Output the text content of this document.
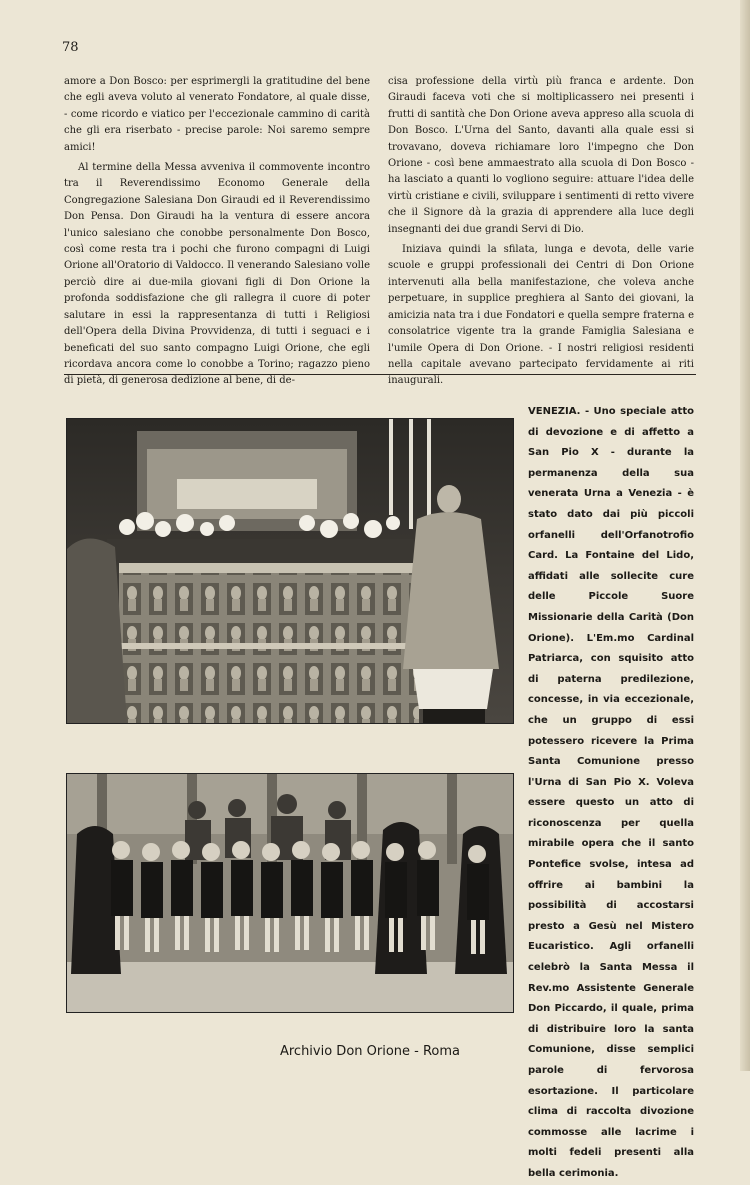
78

amore a Don Bosco: per esprimergli la gratitudine del bene che egli aveva voluto al venerato Fondatore, al quale disse, - come ricordo e viatico per l'eccezionale cammino di carità che gli era riserbato - precise parole: Noi saremo sempre amici!

Al termine della Messa avveniva il commovente incontro tra il Reverendissimo Economo Generale della Congregazione Salesiana Don Giraudi ed il Reverendissimo Don Pensa. Don Giraudi ha la ventura di essere ancora l'unico salesiano che conobbe personalmente Don Bosco, così come resta tra i pochi che furono compagni di Luigi Orione all'Oratorio di Valdocco. Il venerando Salesiano volle perciò dire ai due-mila giovani figli di Don Orione la profonda soddisfazione che gli rallegra il cuore di poter salutare in essi la rappresentanza di tutti i Religiosi dell'Opera della Divina Provvidenza, di tutti i seguaci e i beneficati del suo santo compagno Luigi Orione, che egli ricordava ancora come lo conobbe a Torino; ragazzo pieno di pietà, di generosa dedizione al bene, di de-

cisa professione della virtù più franca e ardente. Don Giraudi faceva voti che si moltiplicassero nei presenti i frutti di santità che Don Orione aveva appreso alla scuola di Don Bosco. L'Urna del Santo, davanti alla quale essi si trovavano, doveva richiamare loro l'impegno che Don Orione - così bene ammaestrato alla scuola di Don Bosco - ha lasciato a quanti lo vogliono seguire: attuare l'idea delle virtù cristiane e civili, sviluppare i sentimenti di retto vivere che il Signore dà la grazia di apprendere alla luce degli insegnanti dei due grandi Servi di Dio.

Iniziava quindi la sfilata, lunga e devota, delle varie scuole e gruppi professionali dei Centri di Don Orione intervenuti alla bella manifestazione, che voleva anche perpetuare, in supplice preghiera al Santo dei giovani, la amicizia nata tra i due Fondatori e quella sempre fraterna e consolatrice vigente tra la grande Famiglia Salesiana e l'umile Opera di Don Orione. - I nostri religiosi residenti nella capitale avevano partecipato fervidamente ai riti inaugurali.

VENEZIA. - Uno speciale atto di devozione e di affetto a San Pio X - durante la permanenza della sua venerata Urna a Venezia - è stato dato dai più piccoli orfanelli dell'Orfanotrofio Card. La Fontaine del Lido, affidati alle sollecite cure delle Piccole Suore Missionarie della Carità (Don Orione). L'Em.mo Cardinal Patriarca, con squisito atto di paterna predilezione, concesse, in via eccezionale, che un gruppo di essi potessero ricevere la Prima Santa Comunione presso l'Urna di San Pio X. Voleva essere questo un atto di riconoscenza per quella mirabile opera che il santo Pontefice svolse, intesa ad offrire ai bambini la possibilità di accostarsi presto a Gesù nel Mistero Eucaristico. Agli orfanelli celebrò la Santa Messa il Rev.mo Assistente Generale Don Piccardo, il quale, prima di distribuire loro la santa Comunione, disse semplici parole di fervorosa esortazione. Il particolare clima di raccolta divozione commosse alle lacrime i molti fedeli presenti alla bella cerimonia.
Archivio Don Orione - Roma
